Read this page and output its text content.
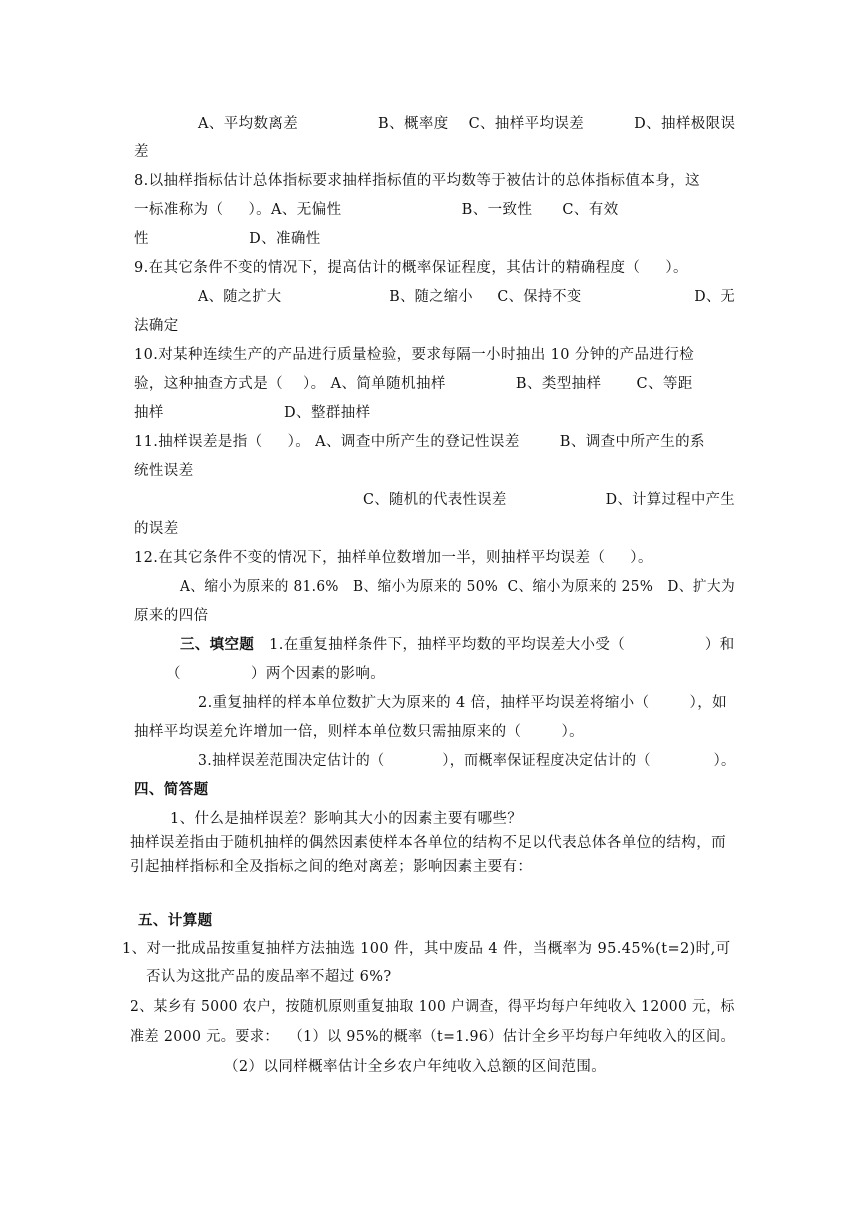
A、平均数离差                B、概率度    C、抽样平均误差          D、抽样极限误
差
8.以抽样指标估计总体指标要求抽样指标值的平均数等于被估计的总体指标值本身，这
一标准称为（     ）。A、无偏性                        B、一致性      C、有效
性                    D、准确性
9.在其它条件不变的情况下，提高估计的概率保证程度，其估计的精确程度（     ）。
A、随之扩大                      B、随之缩小     C、保持不变                       D、无
法确定
10.对某种连续生产的产品进行质量检验，要求每隔一小时抽出 10 分钟的产品进行检
验，这种抽查方式是（    ）。 A、简单随机抽样              B、类型抽样       C、等距
抽样                        D、整群抽样
11.抽样误差是指（     ）。 A、调查中所产生的登记性误差        B、调查中所产生的系
统性误差
C、随机的代表性误差                    D、计算过程中产生
的误差
12.在其它条件不变的情况下，抽样单位数增加一半，则抽样平均误差（     ）。
A、缩小为原来的 81.6%   B、缩小为原来的 50%  C、缩小为原来的 25%   D、扩大为
原来的四倍
三、填空题   1.在重复抽样条件下，抽样平均数的平均误差大小受（                ）和
（              ）两个因素的影响。
2.重复抽样的样本单位数扩大为原来的 4 倍，抽样平均误差将缩小（        ），如
抽样平均误差允许增加一倍，则样本单位数只需抽原来的（        ）。
3.抽样误差范围决定估计的（            ），而概率保证程度决定估计的（             ）。
四、简答题
1、什么是抽样误差？影响其大小的因素主要有哪些？
抽样误差指由于随机抽样的偶然因素使样本各单位的结构不足以代表总体各单位的结构，而
引起抽样指标和全及指标之间的绝对离差；影响因素主要有：
五、计算题
1、对一批成品按重复抽样方法抽选 100 件，其中废品 4 件，当概率为 95.45%(t=2)时,可
否认为这批产品的废品率不超过 6%?
2、某乡有 5000 农户，按随机原则重复抽取 100 户调查，得平均每户年纯收入 12000 元，标
准差 2000 元。要求：  （1）以 95%的概率（t=1.96）估计全乡平均每户年纯收入的区间。
（2）以同样概率估计全乡农户年纯收入总额的区间范围。
